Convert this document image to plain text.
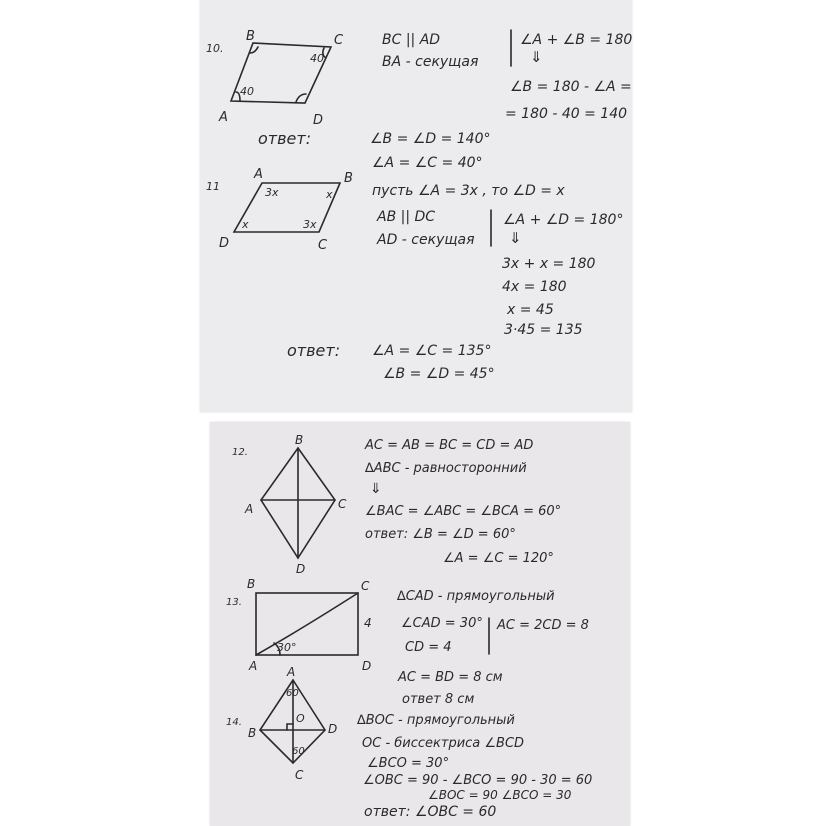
10.
B	C
A	D
40
40
BC || AD
BA - секущая
∠A + ∠B = 180
⇓
∠B = 180 - ∠A =
= 180 - 40 = 140
ответ:	∠B = ∠D = 140°
∠A = ∠C = 40°
11
A	B
D	C
3x	x
x	3x
пусть ∠A = 3x , то ∠D = x
AB || DC
AD - секущая
∠A + ∠D = 180°
⇓
3x + x = 180
4x = 180
x = 45
3·45 = 135
ответ: ∠A = ∠C = 135°
∠B = ∠D = 45°
12.
B
A	C
D
AC = AB = BC = CD = AD
∆ABC - равносторонний
⇓
∠BAC = ∠ABC = ∠BCA = 60°
ответ: ∠B = ∠D = 60°
∠A = ∠C = 120°
13.
B	C
A	D
4
30°
∆CAD - прямоугольный
∠CAD = 30°
CD = 4
AC = 2CD = 8
AC = BD = 8 см
ответ 8 см
14.
A
B	D
C
O
60
60
∆BOC - прямоугольный
OC - биссектриса ∠BCD
∠BCO = 30°
∠OBC = 90 - ∠BCO = 90 - 30 = 60
∠BOC = 90 ∠BCO = 30
ответ: ∠OBC = 60
